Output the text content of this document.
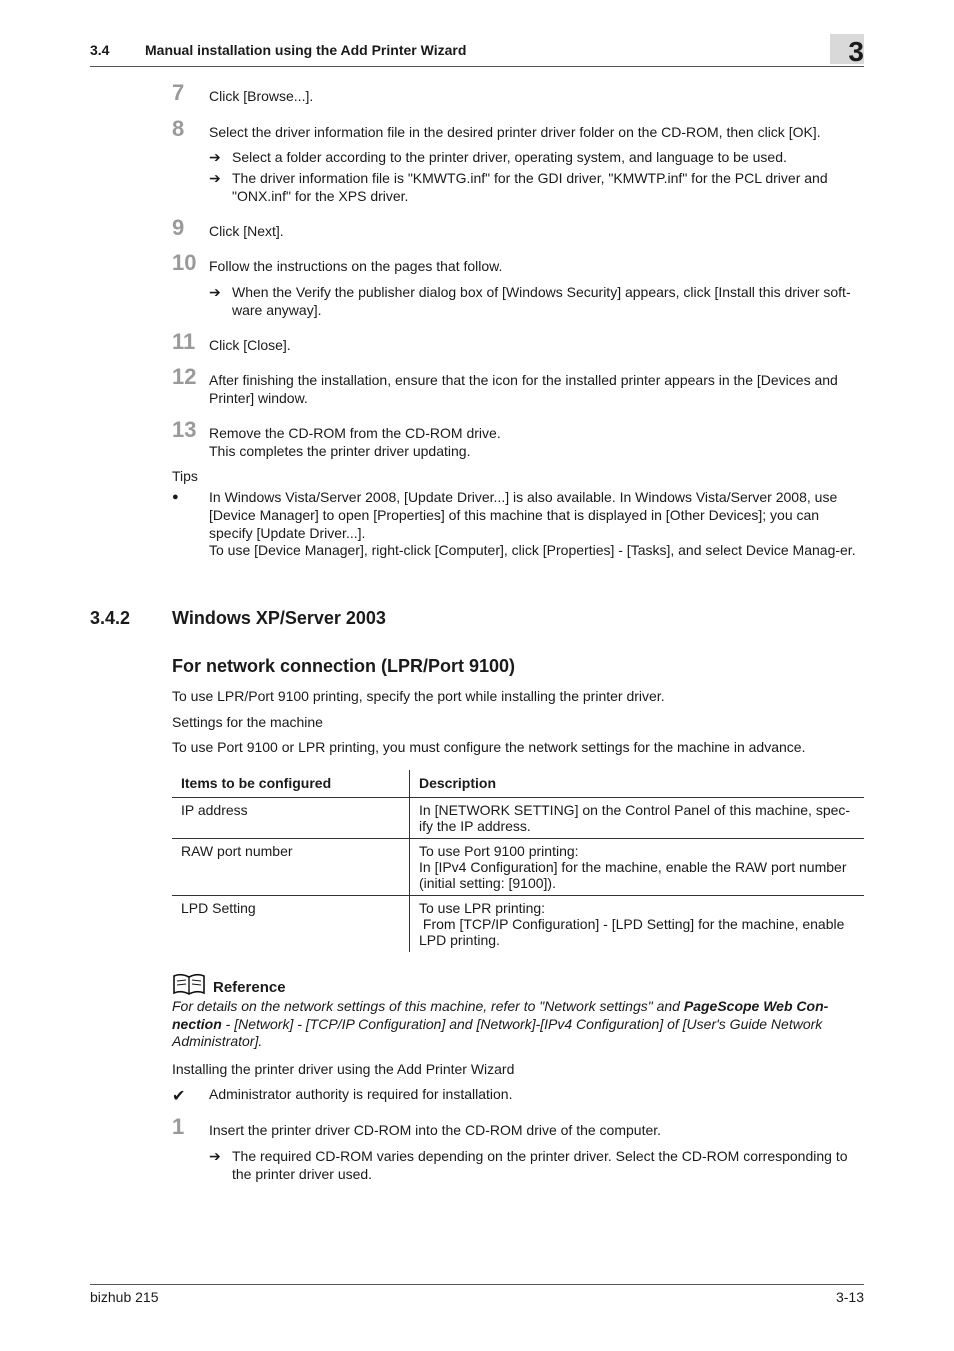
3.4	Manual installation using the Add Printer Wizard	3
7 Click [Browse...].
8 Select the driver information file in the desired printer driver folder on the CD-ROM, then click [OK].
➔ Select a folder according to the printer driver, operating system, and language to be used.
➔ The driver information file is "KMWTG.inf" for the GDI driver, "KMWTP.inf" for the PCL driver and "ONX.inf" for the XPS driver.
9 Click [Next].
10 Follow the instructions on the pages that follow.
➔ When the Verify the publisher dialog box of [Windows Security] appears, click [Install this driver soft-ware anyway].
11 Click [Close].
12 After finishing the installation, ensure that the icon for the installed printer appears in the [Devices and Printer] window.
13 Remove the CD-ROM from the CD-ROM drive.
This completes the printer driver updating.
Tips
● In Windows Vista/Server 2008, [Update Driver...] is also available. In Windows Vista/Server 2008, use [Device Manager] to open [Properties] of this machine that is displayed in [Other Devices]; you can specify [Update Driver...].
To use [Device Manager], right-click [Computer], click [Properties] - [Tasks], and select Device Manag-er.
3.4.2 Windows XP/Server 2003
For network connection (LPR/Port 9100)
To use LPR/Port 9100 printing, specify the port while installing the printer driver.
Settings for the machine
To use Port 9100 or LPR printing, you must configure the network settings for the machine in advance.
Items to be configured	Description
IP address	In [NETWORK SETTING] on the Control Panel of this machine, spec-ify the IP address.

RAW port number	To use Port 9100 printing:
In [IPv4 Configuration] for the machine, enable the RAW port number (initial setting: [9100]).

LPD Setting	To use LPR printing:
From [TCP/IP Configuration] - [LPD Setting] for the machine, enable LPD printing.
Reference
For details on the network settings of this machine, refer to "Network settings" and PageScope Web Con-nection - [Network] - [TCP/IP Configuration] and [Network]-[IPv4 Configuration] of [User's Guide Network Administrator].
Installing the printer driver using the Add Printer Wizard
✔ Administrator authority is required for installation.
1 Insert the printer driver CD-ROM into the CD-ROM drive of the computer.
➔ The required CD-ROM varies depending on the printer driver. Select the CD-ROM corresponding to the printer driver used.
bizhub 215	3-13
